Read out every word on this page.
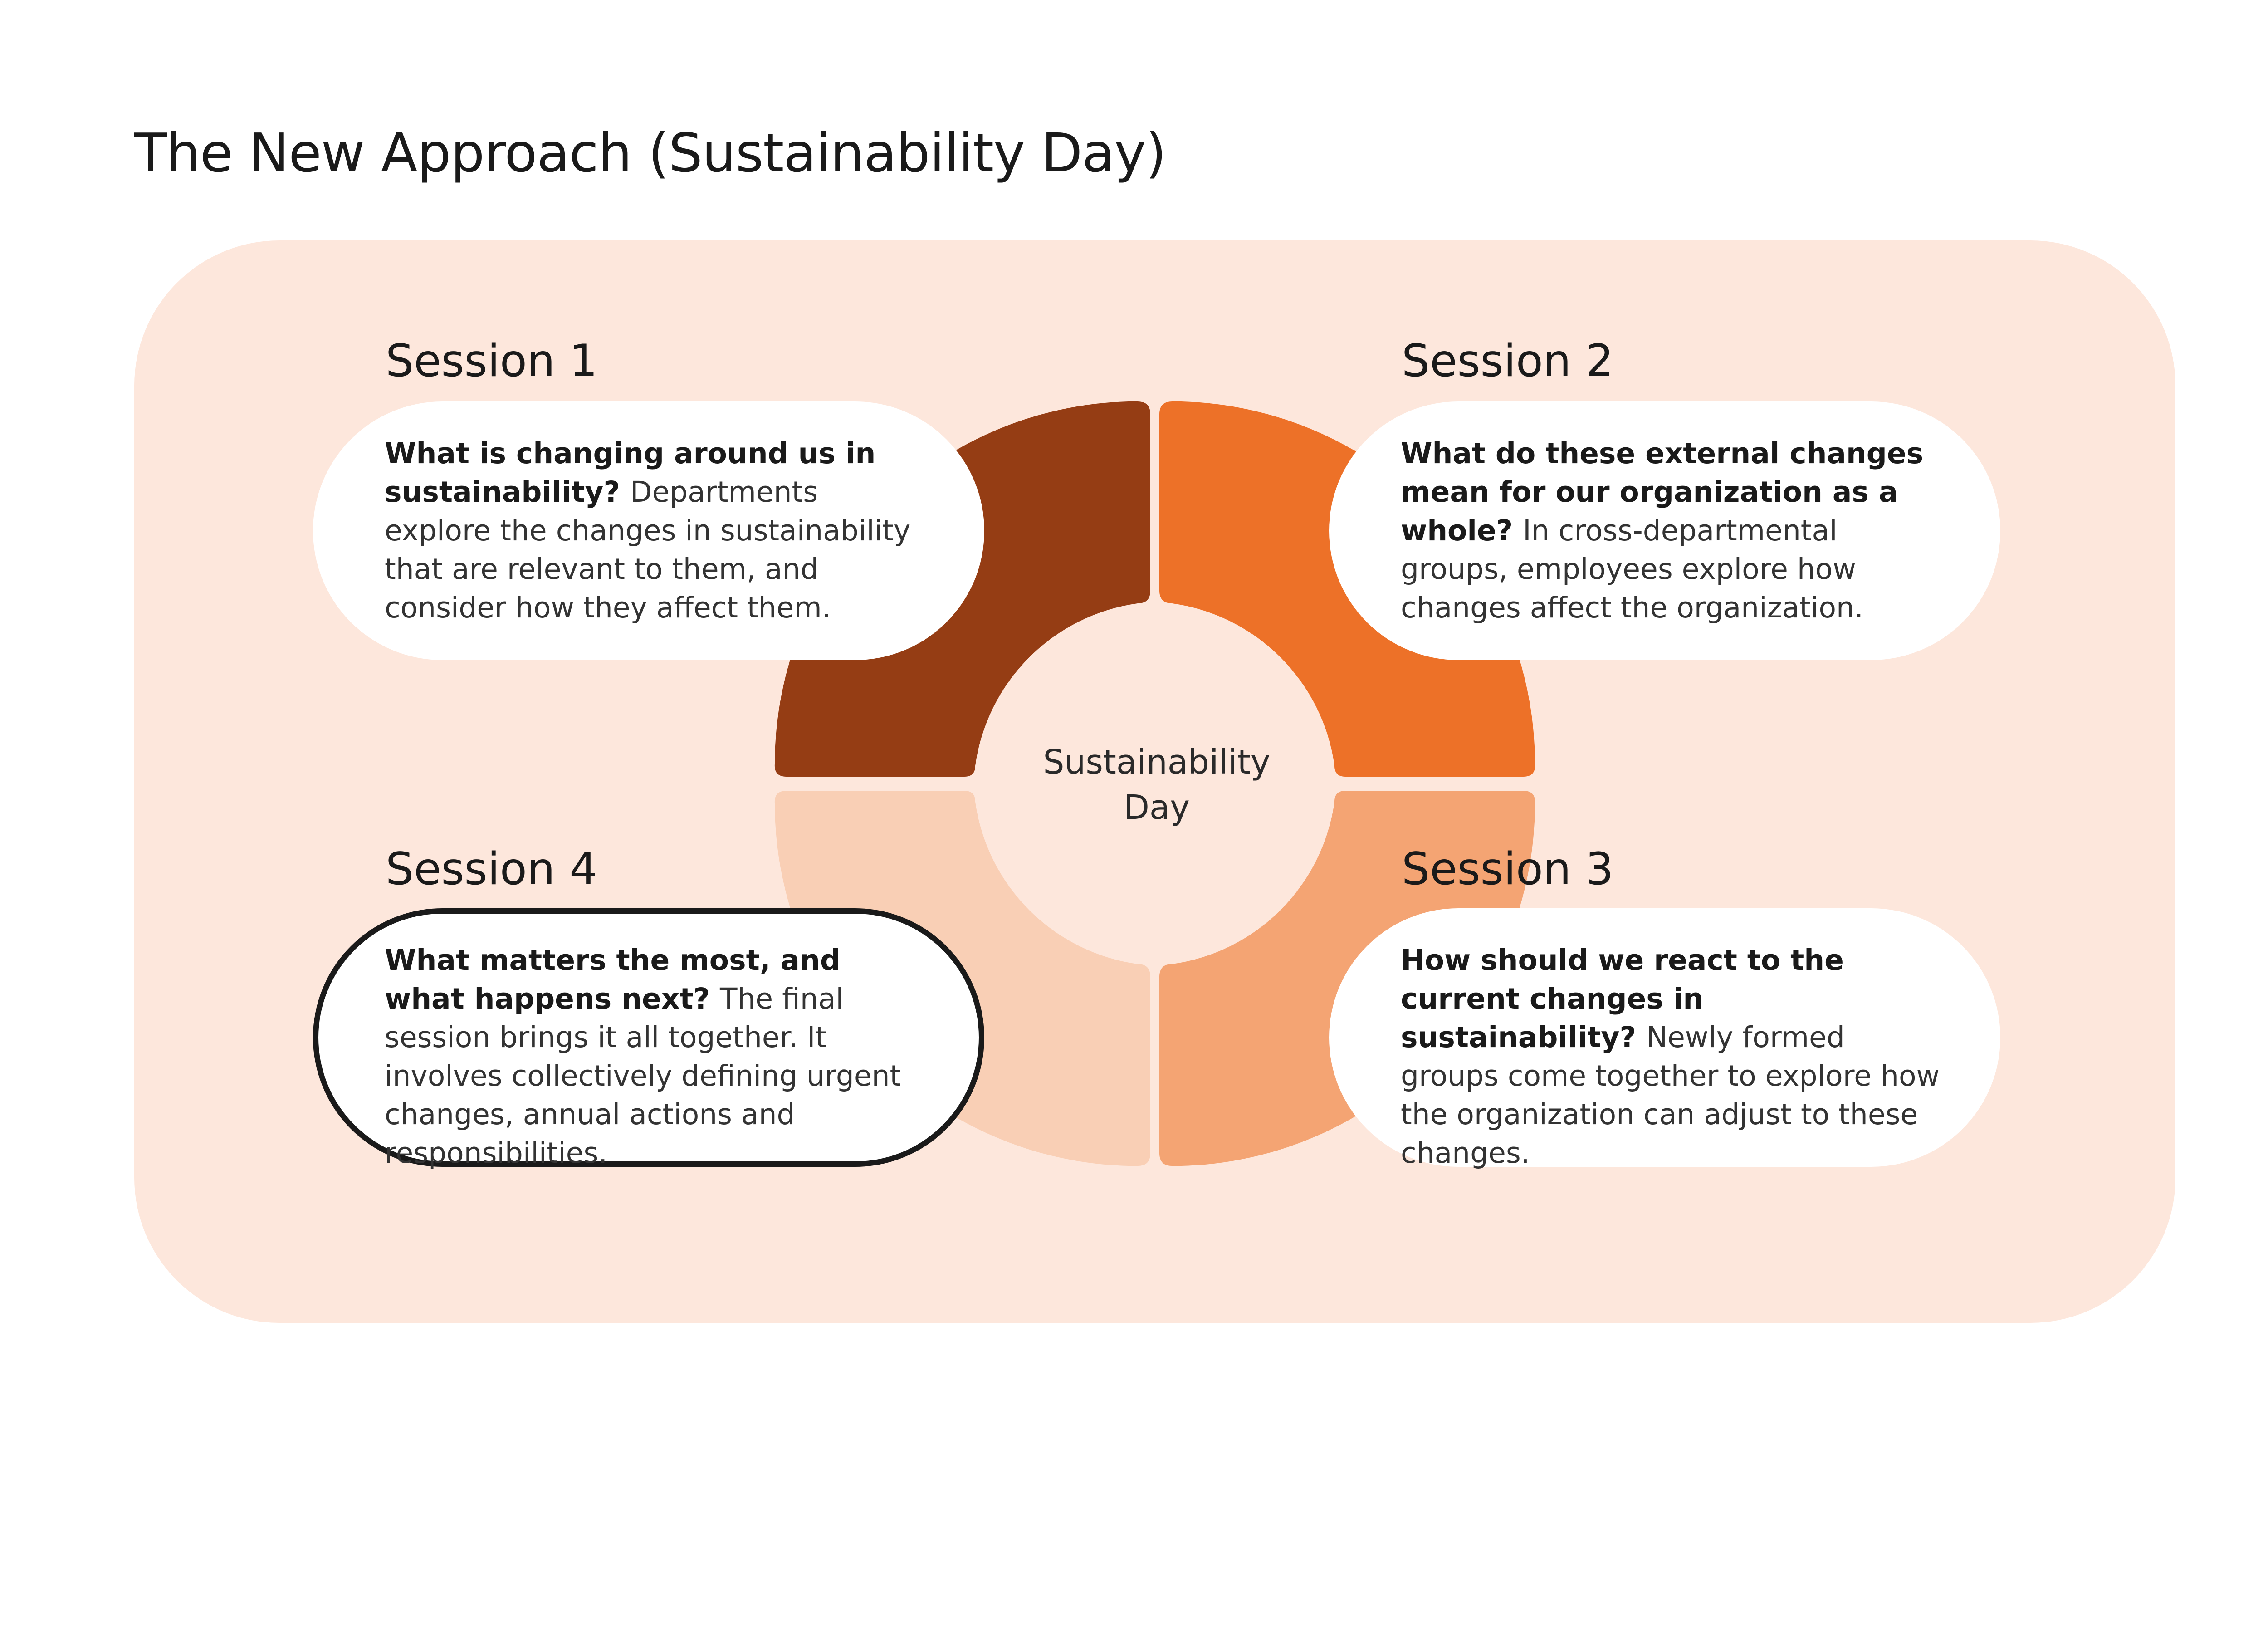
The New Approach (Sustainability Day)
Sustainability
Day
Session 1
What is changing around us in sustainability? Departments explore the changes in sustainability that are relevant to them, and consider how they affect them.
Session 2
What do these external changes mean for our organization as a whole? In cross-departmental groups, employees explore how changes affect the organization.
Session 4
What matters the most, and what happens next? The final session brings it all together. It involves collectively defining urgent changes, annual actions and responsibilities.
Session 3
How should we react to the current changes in sustainability? Newly formed groups come together to explore how the organization can adjust to these changes.
